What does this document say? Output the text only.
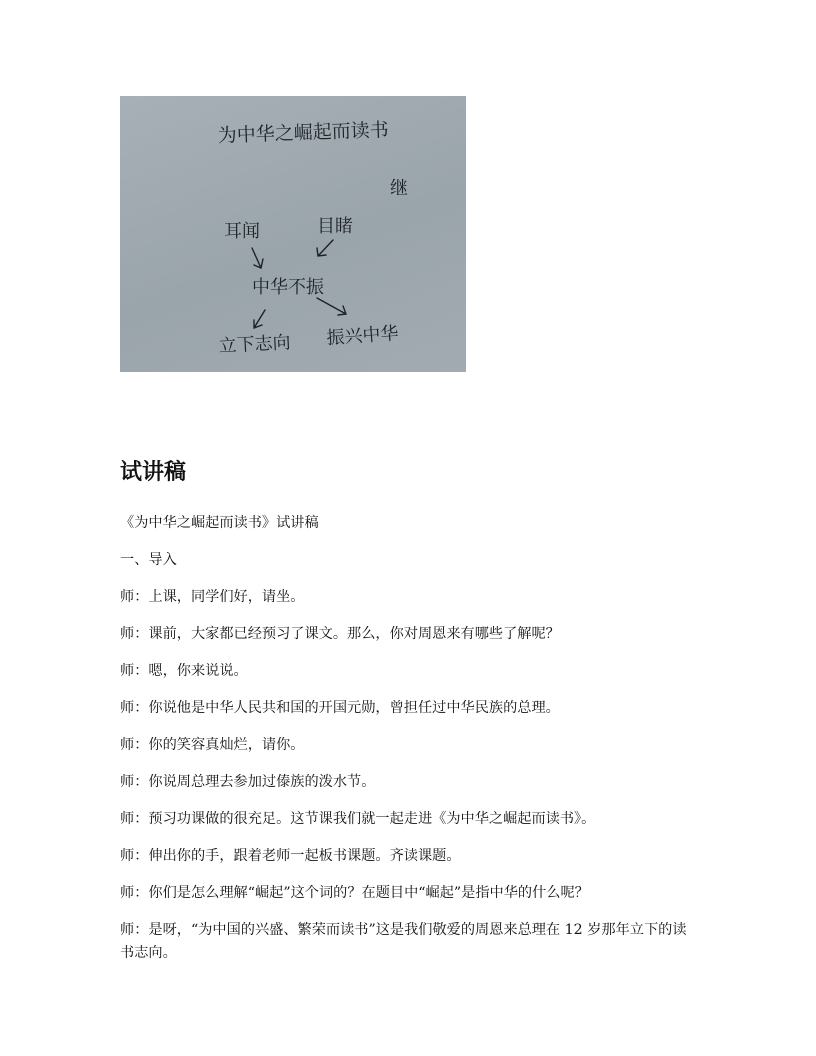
为中华之崛起而读书
继
耳闻	目睹
中华不振
立下志向 振兴中华
试讲稿

《为中华之崛起而读书》试讲稿

一、导入

师：上课，同学们好，请坐。

师：课前，大家都已经预习了课文。那么，你对周恩来有哪些了解呢？

师：嗯，你来说说。

师：你说他是中华人民共和国的开国元勋，曾担任过中华民族的总理。

师：你的笑容真灿烂，请你。

师：你说周总理去参加过傣族的泼水节。

师：预习功课做的很充足。这节课我们就一起走进《为中华之崛起而读书》。

师：伸出你的手，跟着老师一起板书课题。齐读课题。

师：你们是怎么理解“崛起”这个词的？在题目中“崛起”是指中华的什么呢？

师：是呀，“为中国的兴盛、繁荣而读书”这是我们敬爱的周恩来总理在 12 岁那年立下的读书志向。
